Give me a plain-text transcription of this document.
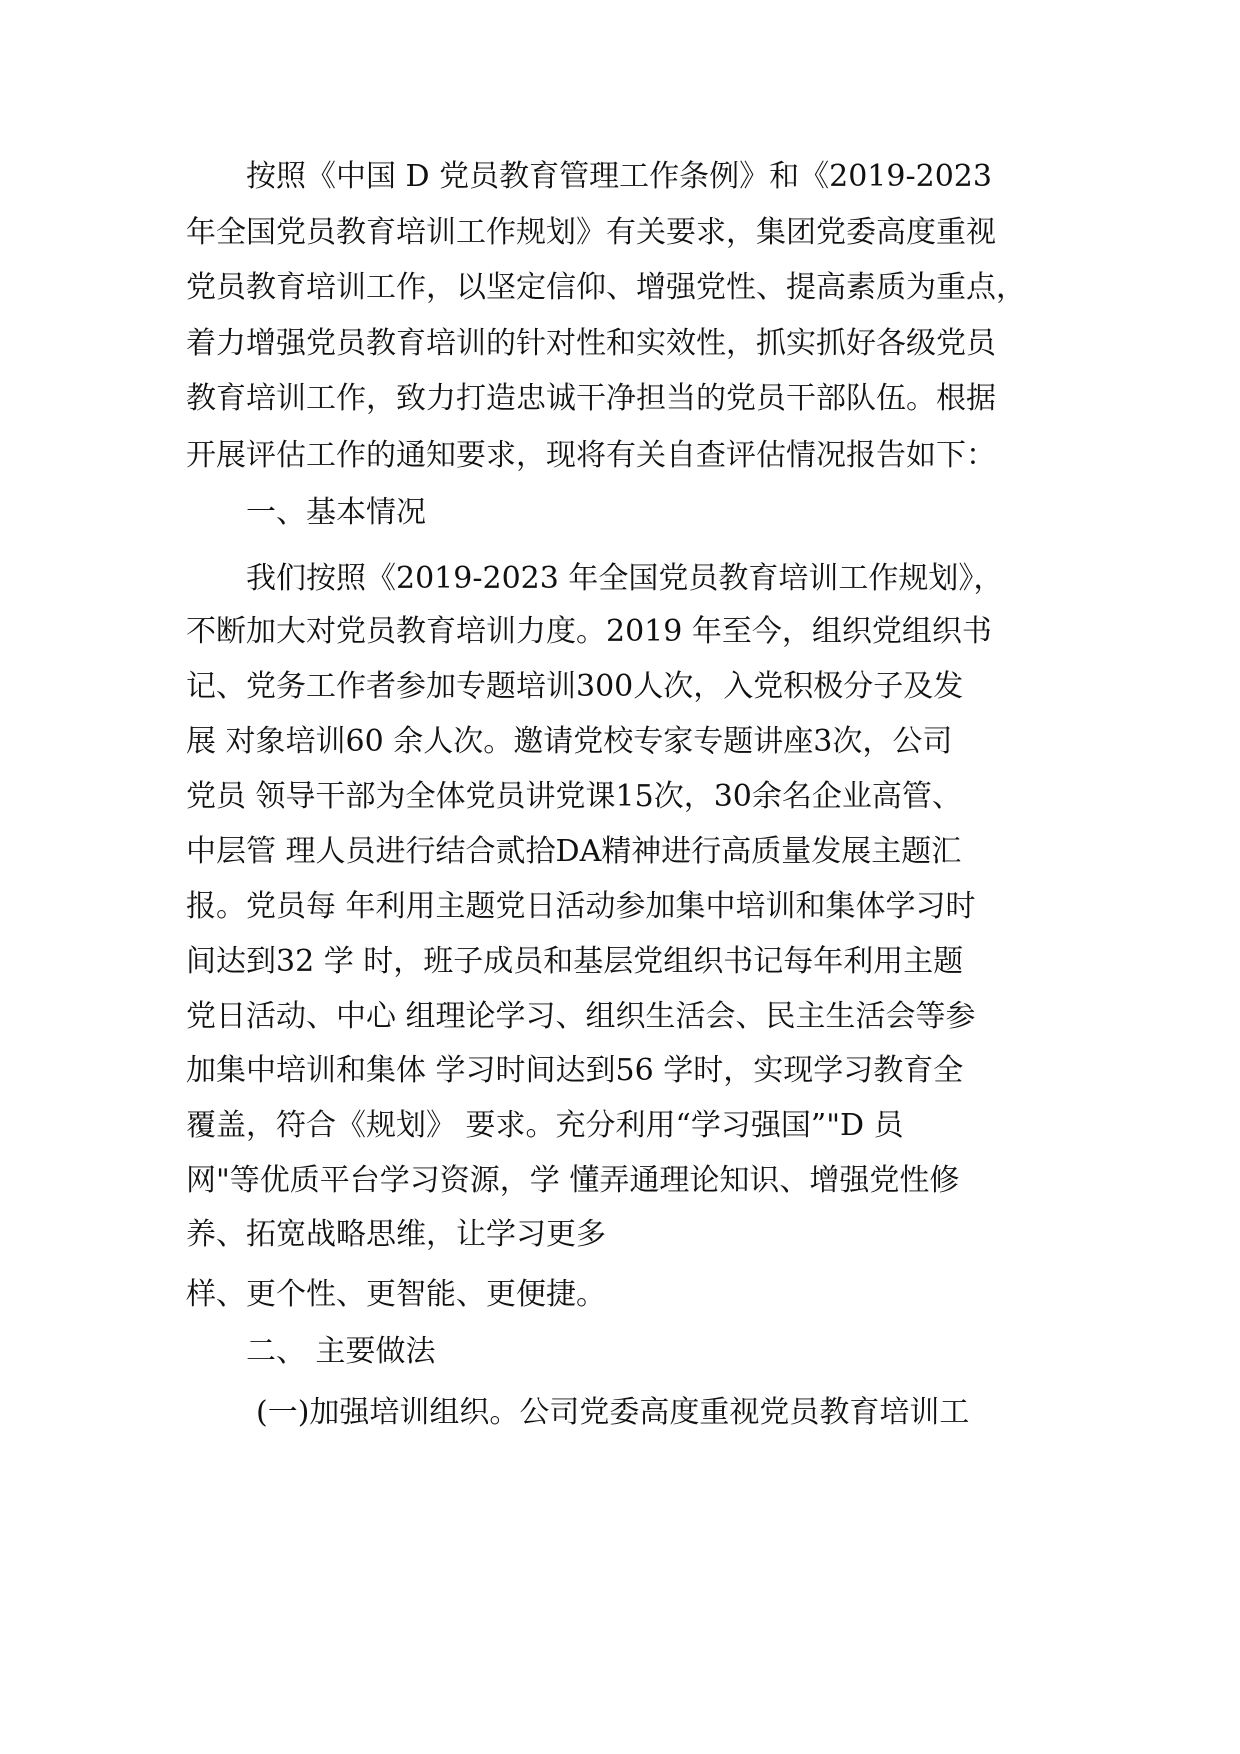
按照《中国 D 党员教育管理工作条例》和《2019-2023
年全国党员教育培训工作规划》有关要求，集团党委高度重视
党员教育培训工作，以坚定信仰、增强党性、提高素质为重点，
着力增强党员教育培训的针对性和实效性，抓实抓好各级党员
教育培训工作，致力打造忠诚干净担当的党员干部队伍。根据
开展评估工作的通知要求，现将有关自查评估情况报告如下：
一、基本情况
我们按照《2019-2023 年全国党员教育培训工作规划》，
不断加大对党员教育培训力度。2019 年至今，组织党组织书
记、党务工作者参加专题培训300人次，入党积极分子及发
展 对象培训60 余人次。邀请党校专家专题讲座3次，公司
党员 领导干部为全体党员讲党课15次，30余名企业高管、
中层管 理人员进行结合贰拾DA精神进行高质量发展主题汇
报。党员每 年利用主题党日活动参加集中培训和集体学习时
间达到32 学 时，班子成员和基层党组织书记每年利用主题
党日活动、中心 组理论学习、组织生活会、民主生活会等参
加集中培训和集体 学习时间达到56 学时，实现学习教育全
覆盖，符合《规划》 要求。充分利用“学习强国”"D 员
网"等优质平台学习资源，学 懂弄通理论知识、增强党性修
养、拓宽战略思维，让学习更多
样、更个性、更智能、更便捷。
二、 主要做法
(一)加强培训组织。公司党委高度重视党员教育培训工
